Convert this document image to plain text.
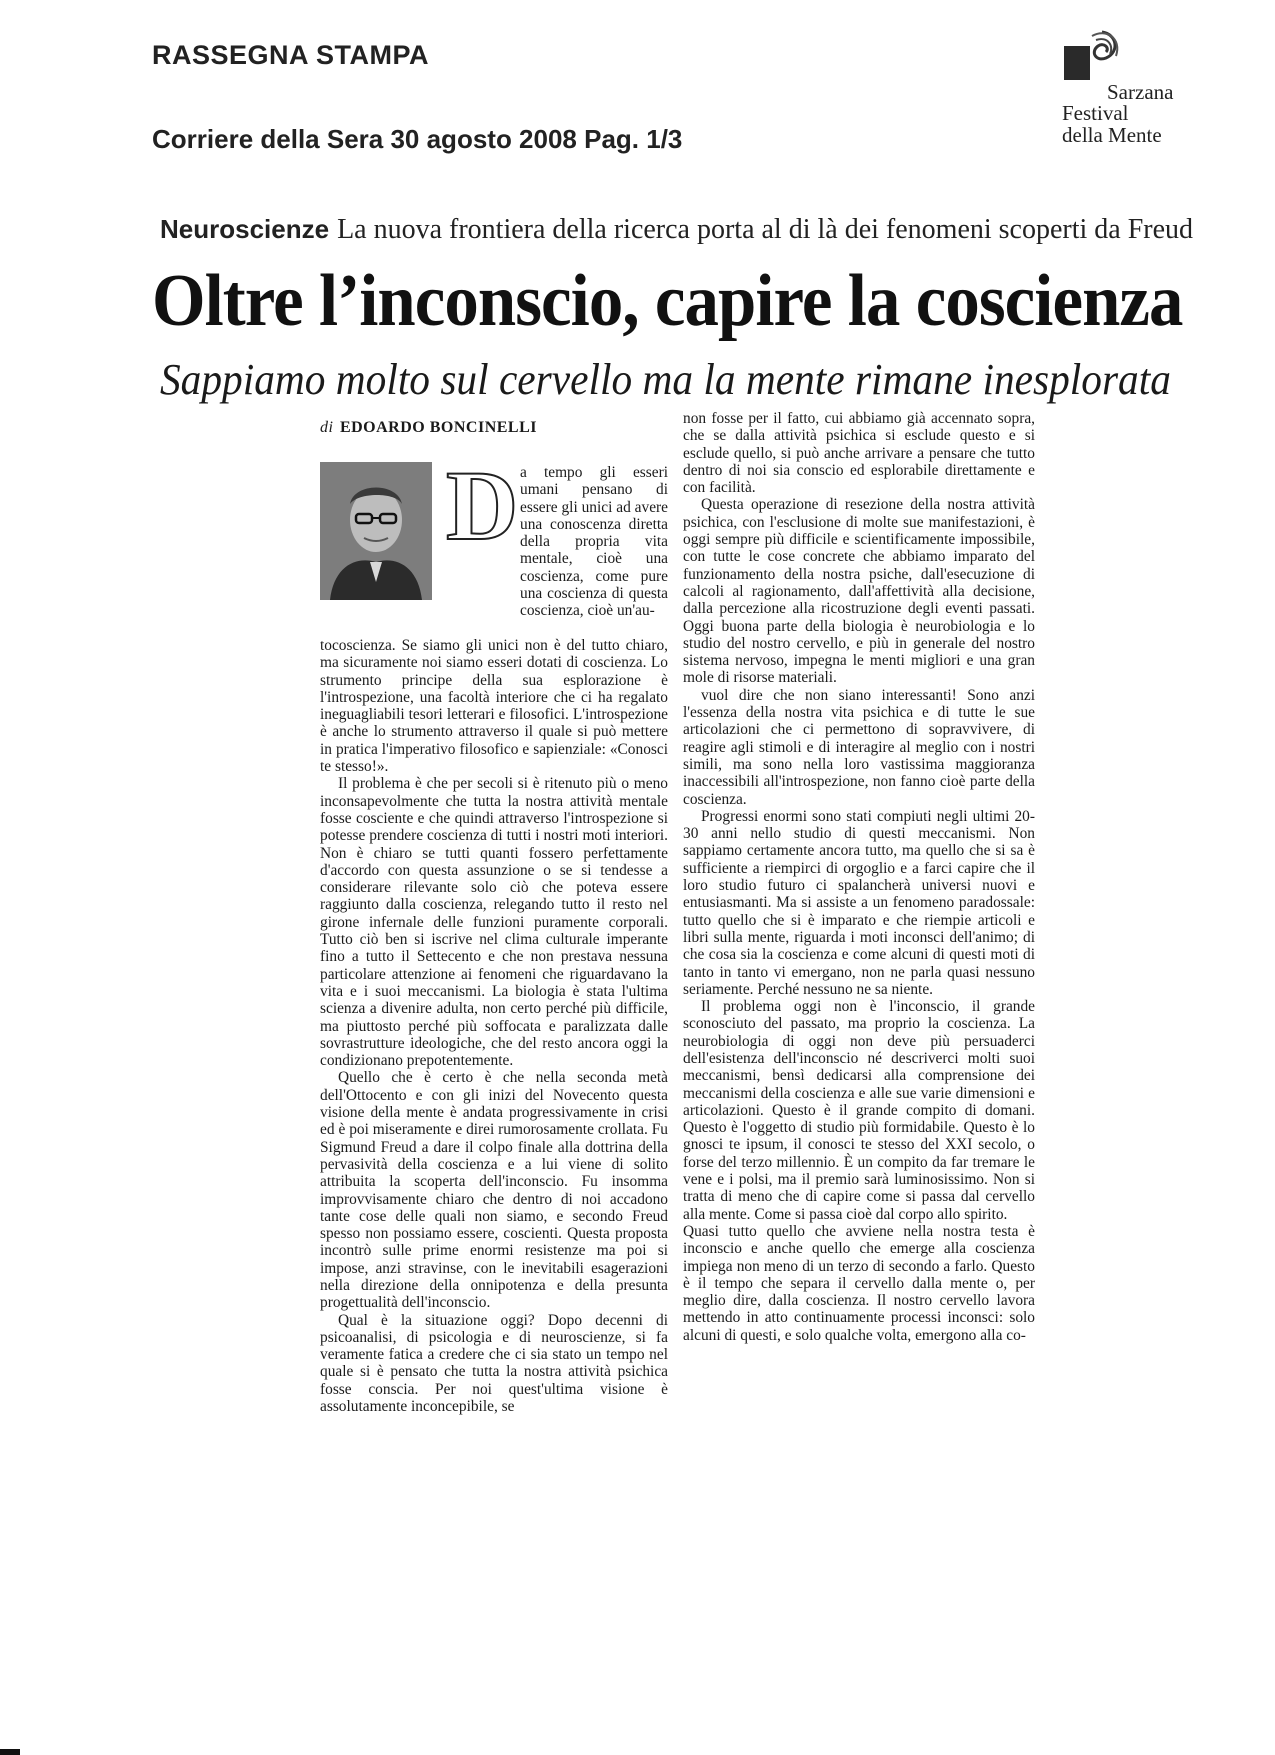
RASSEGNA STAMPA
Corriere della Sera 30 agosto 2008 Pag. 1/3
Sarzana
Festival
della Mente
Neuroscienze La nuova frontiera della ricerca porta al di là dei fenomeni scoperti da Freud
Oltre l’inconscio, capire la coscienza
Sappiamo molto sul cervello ma la mente rimane inesplorata
di EDOARDO BONCINELLI
D a tempo gli esseri umani pensano di essere gli unici ad avere una conoscenza diretta della propria vita mentale, cioè una coscienza, come pure una coscienza di questa coscienza, cioè un'au-

tocoscienza. Se siamo gli unici non è del tutto chiaro, ma sicuramente noi siamo esseri dotati di coscienza. Lo strumento principe della sua esplorazione è l'introspezione, una facoltà interiore che ci ha regalato ineguagliabili tesori letterari e filosofici. L'introspezione è anche lo strumento attraverso il quale si può mettere in pratica l'imperativo filosofico e sapienziale: «Conosci te stesso!».

Il problema è che per secoli si è ritenuto più o meno inconsapevolmente che tutta la nostra attività mentale fosse cosciente e che quindi attraverso l'introspezione si potesse prendere coscienza di tutti i nostri moti interiori. Non è chiaro se tutti quanti fossero perfettamente d'accordo con questa assunzione o se si tendesse a considerare rilevante solo ciò che poteva essere raggiunto dalla coscienza, relegando tutto il resto nel girone infernale delle funzioni puramente corporali. Tutto ciò ben si iscrive nel clima culturale imperante fino a tutto il Settecento e che non prestava nessuna particolare attenzione ai fenomeni che riguardavano la vita e i suoi meccanismi. La biologia è stata l'ultima scienza a divenire adulta, non certo perché più difficile, ma piuttosto perché più soffocata e paralizzata dalle sovrastrutture ideologiche, che del resto ancora oggi la condizionano prepotentemente.

Quello che è certo è che nella seconda metà dell'Ottocento e con gli inizi del Novecento questa visione della mente è andata progressivamente in crisi ed è poi miseramente e direi rumorosamente crollata. Fu Sigmund Freud a dare il colpo finale alla dottrina della pervasività della coscienza e a lui viene di solito attribuita la scoperta dell'inconscio. Fu insomma improvvisamente chiaro che dentro di noi accadono tante cose delle quali non siamo, e secondo Freud spesso non possiamo essere, coscienti. Questa proposta incontrò sulle prime enormi resistenze ma poi si impose, anzi stravinse, con le inevitabili esagerazioni nella direzione della onnipotenza e della presunta progettualità dell'inconscio.

Qual è la situazione oggi? Dopo decenni di psicoanalisi, di psicologia e di neuroscienze, si fa veramente fatica a credere che ci sia stato un tempo nel quale si è pensato che tutta la nostra attività psichica fosse conscia. Per noi quest'ultima visione è assolutamente inconcepibile, se

non fosse per il fatto, cui abbiamo già accennato sopra, che se dalla attività psichica si esclude questo e si esclude quello, si può anche arrivare a pensare che tutto dentro di noi sia conscio ed esplorabile direttamente e con facilità.

Questa operazione di resezione della nostra attività psichica, con l'esclusione di molte sue manifestazioni, è oggi sempre più difficile e scientificamente impossibile, con tutte le cose concrete che abbiamo imparato del funzionamento della nostra psiche, dall'esecuzione di calcoli al ragionamento, dall'affettività alla decisione, dalla percezione alla ricostruzione degli eventi passati. Oggi buona parte della biologia è neurobiologia e lo studio del nostro cervello, e più in generale del nostro sistema nervoso, impegna le menti migliori e una gran mole di risorse materiali.

vuol dire che non siano interessanti! Sono anzi l'essenza della nostra vita psichica e di tutte le sue articolazioni che ci permettono di sopravvivere, di reagire agli stimoli e di interagire al meglio con i nostri simili, ma sono nella loro vastissima maggioranza inaccessibili all'introspezione, non fanno cioè parte della coscienza.

Progressi enormi sono stati compiuti negli ultimi 20-30 anni nello studio di questi meccanismi. Non sappiamo certamente ancora tutto, ma quello che si sa è sufficiente a riempirci di orgoglio e a farci capire che il loro studio futuro ci spalancherà universi nuovi e entusiasmanti. Ma si assiste a un fenomeno paradossale: tutto quello che si è imparato e che riempie articoli e libri sulla mente, riguarda i moti inconsci dell'animo; di che cosa sia la coscienza e come alcuni di questi moti di tanto in tanto vi emergano, non ne parla quasi nessuno seriamente. Perché nessuno ne sa niente.

Il problema oggi non è l'inconscio, il grande sconosciuto del passato, ma proprio la coscienza. La neurobiologia di oggi non deve più persuaderci dell'esistenza dell'inconscio né descriverci molti suoi meccanismi, bensì dedicarsi alla comprensione dei meccanismi della coscienza e alle sue varie dimensioni e articolazioni. Questo è il grande compito di domani. Questo è l'oggetto di studio più formidabile. Questo è lo gnosci te ipsum, il conosci te stesso del XXI secolo, o forse del terzo millennio. È un compito da far tremare le vene e i polsi, ma il premio sarà luminosissimo. Non si tratta di meno che di capire come si passa dal cervello alla mente. Come si passa cioè dal corpo allo spirito.

Quasi tutto quello che avviene nella nostra testa è inconscio e anche quello che emerge alla coscienza impiega non meno di un terzo di secondo a farlo. Questo è il tempo che separa il cervello dalla mente o, per meglio dire, dalla coscienza. Il nostro cervello lavora mettendo in atto continuamente processi inconsci: solo alcuni di questi, e solo qualche volta, emergono alla co-
